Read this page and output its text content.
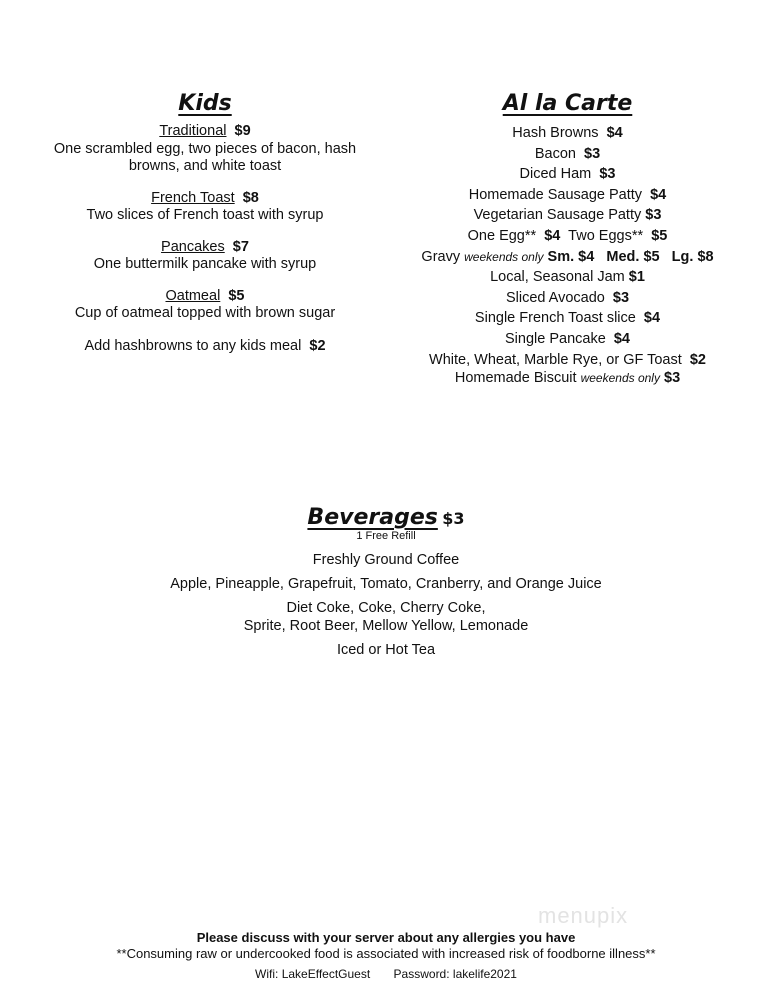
Kids
Traditional $9
One scrambled egg, two pieces of bacon, hash browns, and white toast
French Toast $8
Two slices of French toast with syrup
Pancakes $7
One buttermilk pancake with syrup
Oatmeal $5
Cup of oatmeal topped with brown sugar
Add hashbrowns to any kids meal $2
Al la Carte
Hash Browns $4
Bacon $3
Diced Ham $3
Homemade Sausage Patty $4
Vegetarian Sausage Patty $3
One Egg** $4 Two Eggs** $5
Gravy weekends only Sm. $4 Med. $5 Lg. $8
Local, Seasonal Jam $1
Sliced Avocado $3
Single French Toast slice $4
Single Pancake $4
White, Wheat, Marble Rye, or GF Toast $2
Homemade Biscuit weekends only $3
Beverages $3
1 Free Refill
Freshly Ground Coffee
Apple, Pineapple, Grapefruit, Tomato, Cranberry, and Orange Juice
Diet Coke, Coke, Cherry Coke,
Sprite, Root Beer, Mellow Yellow, Lemonade
Iced or Hot Tea
menupix
Please discuss with your server about any allergies you have
**Consuming raw or undercooked food is associated with increased risk of foodborne illness**
Wifi: LakeEffectGuest Password: lakelife2021
